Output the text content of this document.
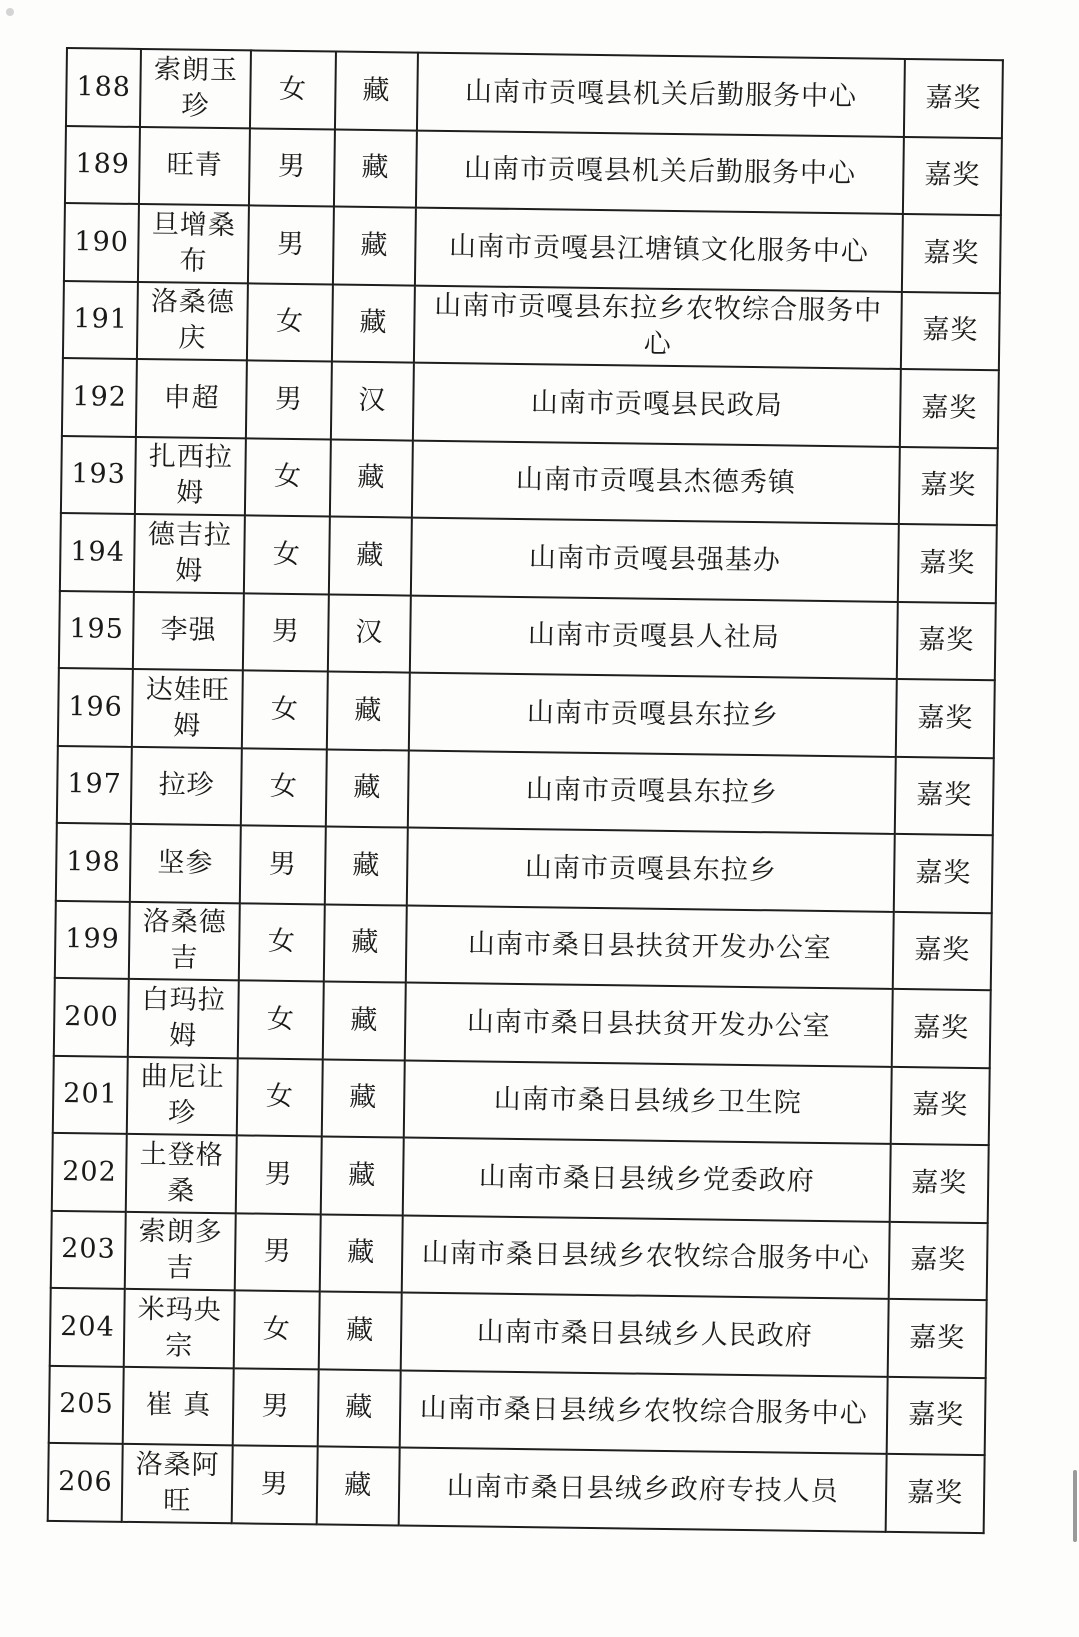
188	索朗玉珍	女	藏	山南市贡嘎县机关后勤服务中心	嘉奖
189	旺青	男	藏	山南市贡嘎县机关后勤服务中心	嘉奖
190	旦增桑布	男	藏	山南市贡嘎县江塘镇文化服务中心	嘉奖
191	洛桑德庆	女	藏	山南市贡嘎县东拉乡农牧综合服务中心	嘉奖
192	申超	男	汉	山南市贡嘎县民政局	嘉奖
193	扎西拉姆	女	藏	山南市贡嘎县杰德秀镇	嘉奖
194	德吉拉姆	女	藏	山南市贡嘎县强基办	嘉奖
195	李强	男	汉	山南市贡嘎县人社局	嘉奖
196	达娃旺姆	女	藏	山南市贡嘎县东拉乡	嘉奖
197	拉珍	女	藏	山南市贡嘎县东拉乡	嘉奖
198	坚参	男	藏	山南市贡嘎县东拉乡	嘉奖
199	洛桑德吉	女	藏	山南市桑日县扶贫开发办公室	嘉奖
200	白玛拉姆	女	藏	山南市桑日县扶贫开发办公室	嘉奖
201	曲尼让珍	女	藏	山南市桑日县绒乡卫生院	嘉奖
202	土登格桑	男	藏	山南市桑日县绒乡党委政府	嘉奖
203	索朗多吉	男	藏	山南市桑日县绒乡农牧综合服务中心	嘉奖
204	米玛央宗	女	藏	山南市桑日县绒乡人民政府	嘉奖
205	崔 真	男	藏	山南市桑日县绒乡农牧综合服务中心	嘉奖
206	洛桑阿旺	男	藏	山南市桑日县绒乡政府专技人员	嘉奖
